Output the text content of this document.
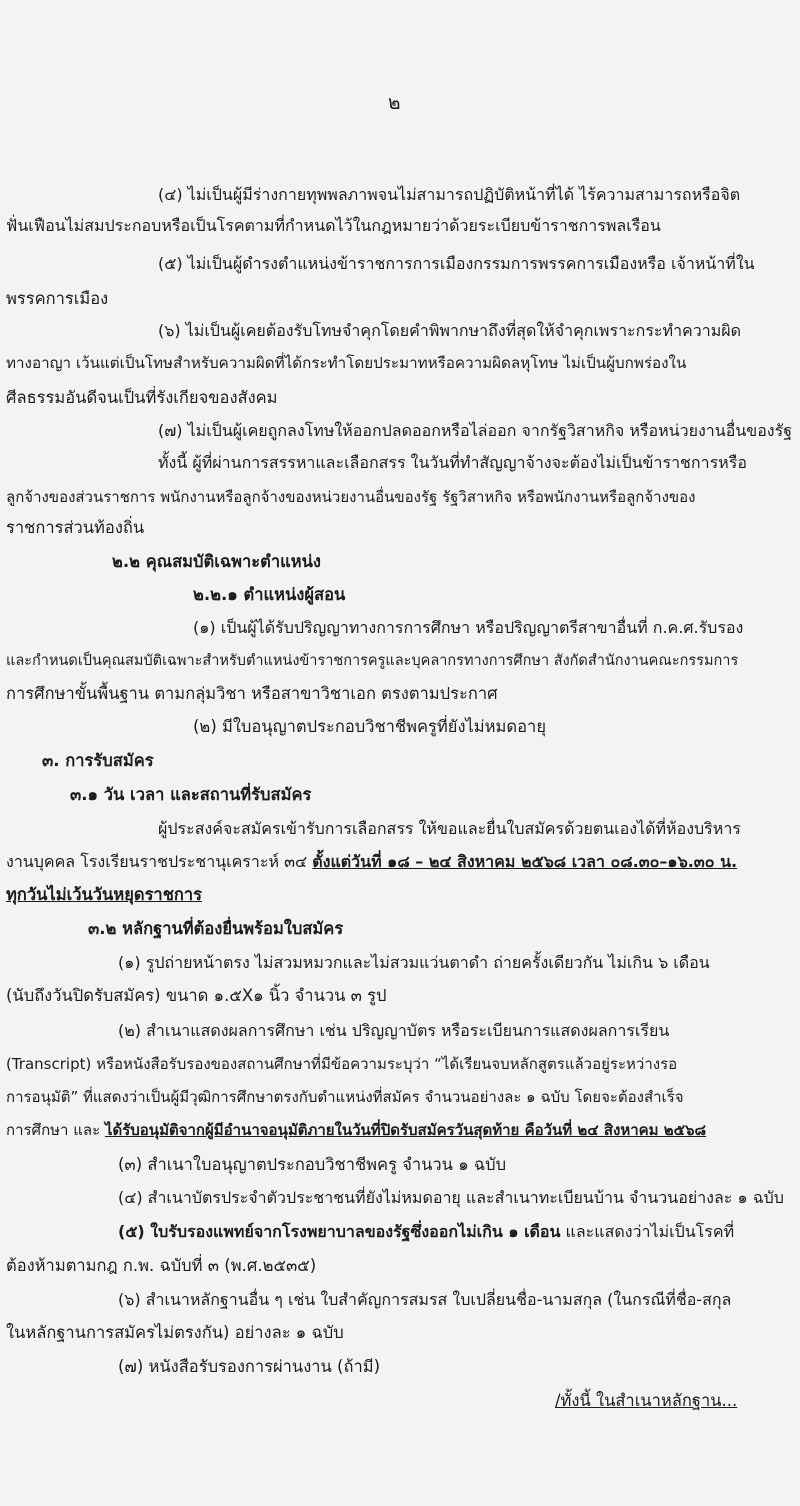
๒
(๔) ไม่เป็นผู้มีร่างกายทุพพลภาพจนไม่สามารถปฏิบัติหน้าที่ได้ ไร้ความสามารถหรือจิต
ฟั่นเฟือนไม่สมประกอบหรือเป็นโรคตามที่กำหนดไว้ในกฎหมายว่าด้วยระเบียบข้าราชการพลเรือน
(๕) ไม่เป็นผู้ดำรงตำแหน่งข้าราชการการเมืองกรรมการพรรคการเมืองหรือ เจ้าหน้าที่ใน
พรรคการเมือง
(๖) ไม่เป็นผู้เคยต้องรับโทษจำคุกโดยคำพิพากษาถึงที่สุดให้จำคุกเพราะกระทำความผิด
ทางอาญา เว้นแต่เป็นโทษสำหรับความผิดที่ได้กระทำโดยประมาทหรือความผิดลหุโทษ ไม่เป็นผู้บกพร่องใน
ศีลธรรมอันดีจนเป็นที่รังเกียจของสังคม
(๗) ไม่เป็นผู้เคยถูกลงโทษให้ออกปลดออกหรือไล่ออก จากรัฐวิสาหกิจ หรือหน่วยงานอื่นของรัฐ
ทั้งนี้ ผู้ที่ผ่านการสรรหาและเลือกสรร ในวันที่ทำสัญญาจ้างจะต้องไม่เป็นข้าราชการหรือ
ลูกจ้างของส่วนราชการ พนักงานหรือลูกจ้างของหน่วยงานอื่นของรัฐ รัฐวิสาหกิจ หรือพนักงานหรือลูกจ้างของ
ราชการส่วนท้องถิ่น
๒.๒ คุณสมบัติเฉพาะตำแหน่ง
๒.๒.๑ ตำแหน่งผู้สอน
(๑) เป็นผู้ได้รับปริญญาทางการการศึกษา หรือปริญญาตรีสาขาอื่นที่ ก.ค.ศ.รับรอง
และกำหนดเป็นคุณสมบัติเฉพาะสำหรับตำแหน่งข้าราชการครูและบุคลากรทางการศึกษา สังกัดสำนักงานคณะกรรมการ
การศึกษาขั้นพื้นฐาน ตามกลุ่มวิชา หรือสาขาวิชาเอก ตรงตามประกาศ
(๒) มีใบอนุญาตประกอบวิชาชีพครูที่ยังไม่หมดอายุ
๓. การรับสมัคร
๓.๑ วัน เวลา และสถานที่รับสมัคร
ผู้ประสงค์จะสมัครเข้ารับการเลือกสรร ให้ขอและยื่นใบสมัครด้วยตนเองได้ที่ห้องบริหาร
งานบุคคล โรงเรียนราชประชานุเคราะห์ ๓๔ ตั้งแต่วันที่ ๑๘ – ๒๔ สิงหาคม ๒๕๖๘ เวลา ๐๘.๓๐–๑๖.๓๐ น.
ทุกวันไม่เว้นวันหยุดราชการ
๓.๒ หลักฐานที่ต้องยื่นพร้อมใบสมัคร
(๑) รูปถ่ายหน้าตรง ไม่สวมหมวกและไม่สวมแว่นตาดำ ถ่ายครั้งเดียวกัน ไม่เกิน ๖ เดือน
(นับถึงวันปิดรับสมัคร) ขนาด ๑.๕X๑ นิ้ว จำนวน ๓ รูป
(๒) สำเนาแสดงผลการศึกษา เช่น ปริญญาบัตร หรือระเบียนการแสดงผลการเรียน
(Transcript) หรือหนังสือรับรองของสถานศึกษาที่มีข้อความระบุว่า “ได้เรียนจบหลักสูตรแล้วอยู่ระหว่างรอ
การอนุมัติ” ที่แสดงว่าเป็นผู้มีวุฒิการศึกษาตรงกับตำแหน่งที่สมัคร จำนวนอย่างละ ๑ ฉบับ โดยจะต้องสำเร็จ
การศึกษา และ ได้รับอนุมัติจากผู้มีอำนาจอนุมัติภายในวันที่ปิดรับสมัครวันสุดท้าย คือวันที่ ๒๔ สิงหาคม ๒๕๖๘
(๓) สำเนาใบอนุญาตประกอบวิชาชีพครู จำนวน ๑ ฉบับ
(๔) สำเนาบัตรประจำตัวประชาชนที่ยังไม่หมดอายุ และสำเนาทะเบียนบ้าน จำนวนอย่างละ ๑ ฉบับ
(๕) ใบรับรองแพทย์จากโรงพยาบาลของรัฐซึ่งออกไม่เกิน ๑ เดือน และแสดงว่าไม่เป็นโรคที่
ต้องห้ามตามกฎ ก.พ. ฉบับที่ ๓ (พ.ศ.๒๕๓๕)
(๖) สำเนาหลักฐานอื่น ๆ เช่น ใบสำคัญการสมรส ใบเปลี่ยนชื่อ-นามสกุล (ในกรณีที่ชื่อ-สกุล
ในหลักฐานการสมัครไม่ตรงกัน) อย่างละ ๑ ฉบับ
(๗) หนังสือรับรองการผ่านงาน (ถ้ามี)
/ทั้งนี้ ในสำเนาหลักฐาน...
